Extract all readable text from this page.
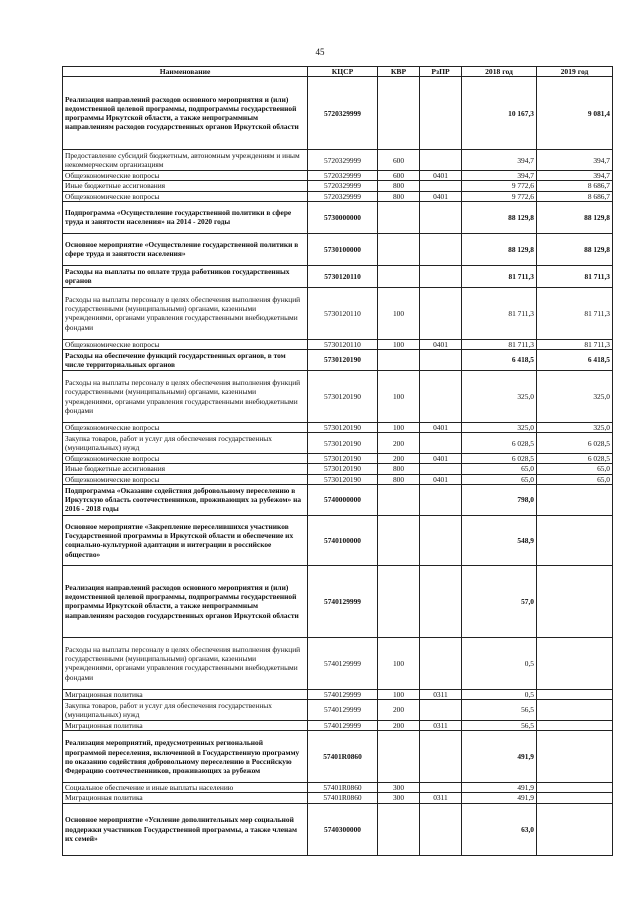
45
Наименование	КЦСР	КВР	РзПР	2018 год	2019 год
Реализация направлений расходов основного мероприятия и (или) ведомственной целевой программы, подпрограммы государственной программы Иркутской области, а также непрограммным направлениям расходов государственных органов Иркутской области	5720329999			10 167,3	9 081,4
Предоставление субсидий бюджетным, автономным учреждениям и иным некоммерческим организациям	5720329999	600		394,7	394,7
Общеэкономические вопросы	5720329999	600	0401	394,7	394,7
Иные бюджетные ассигнования	5720329999	800		9 772,6	8 686,7
Общеэкономические вопросы	5720329999	800	0401	9 772,6	8 686,7
Подпрограмма «Осуществление государственной политики в сфере труда и занятости населения» на 2014 - 2020 годы	5730000000			88 129,8	88 129,8
Основное мероприятие «Осуществление государственной политики в сфере труда и занятости населения»	5730100000			88 129,8	88 129,8
Расходы на выплаты по оплате труда работников государственных органов	5730120110			81 711,3	81 711,3
Расходы на выплаты персоналу в целях обеспечения выполнения функций государственными (муниципальными) органами, казенными учреждениями, органами управления государственными внебюджетными фондами	5730120110	100		81 711,3	81 711,3
Общеэкономические вопросы	5730120110	100	0401	81 711,3	81 711,3
Расходы на обеспечение функций государственных органов, в том числе территориальных органов	5730120190			6 418,5	6 418,5
Расходы на выплаты персоналу в целях обеспечения выполнения функций государственными (муниципальными) органами, казенными учреждениями, органами управления государственными внебюджетными фондами	5730120190	100		325,0	325,0
Общеэкономические вопросы	5730120190	100	0401	325,0	325,0
Закупка товаров, работ и услуг для обеспечения государственных (муниципальных) нужд	5730120190	200		6 028,5	6 028,5
Общеэкономические вопросы	5730120190	200	0401	6 028,5	6 028,5
Иные бюджетные ассигнования	5730120190	800		65,0	65,0
Общеэкономические вопросы	5730120190	800	0401	65,0	65,0
Подпрограмма «Оказание содействия добровольному переселению в Иркутскую область соотечественников, проживающих за рубежом» на 2016 - 2018 годы	5740000000			798,0	
Основное мероприятие «Закрепление переселившихся участников Государственной программы в Иркутской области и обеспечение их социально-культурной адаптации и интеграции в российское общество»	5740100000			548,9	
Реализация направлений расходов основного мероприятия и (или) ведомственной целевой программы, подпрограммы государственной программы Иркутской области, а также непрограммным направлениям расходов государственных органов Иркутской области	5740129999			57,0	
Расходы на выплаты персоналу в целях обеспечения выполнения функций государственными (муниципальными) органами, казенными учреждениями, органами управления государственными внебюджетными фондами	5740129999	100		0,5	
Миграционная политика	5740129999	100	0311	0,5	
Закупка товаров, работ и услуг для обеспечения государственных (муниципальных) нужд	5740129999	200		56,5	
Миграционная политика	5740129999	200	0311	56,5	
Реализация мероприятий, предусмотренных региональной программой переселения, включенной в Государственную программу по оказанию содействия добровольному переселению в Российскую Федерацию соотечественников, проживающих за рубежом	57401R0860			491,9	
Социальное обеспечение и иные выплаты населению	57401R0860	300		491,9	
Миграционная политика	57401R0860	300	0311	491,9	
Основное мероприятие «Усиление дополнительных мер социальной поддержки участников Государственной программы, а также членам их семей»	5740300000			63,0	
